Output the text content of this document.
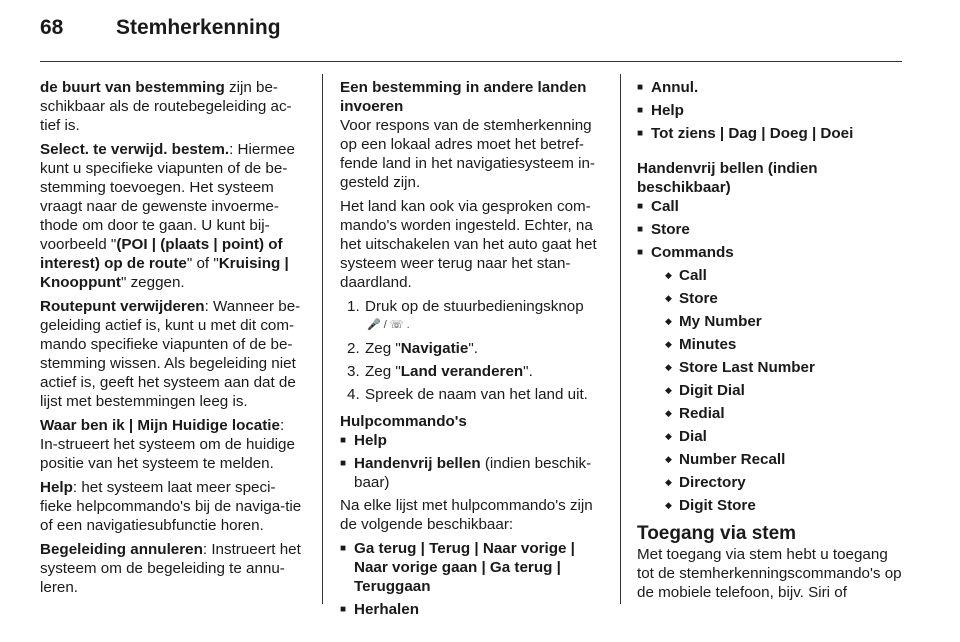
68	Stemherkenning

de buurt van bestemming zijn be-schikbaar als de routebegeleiding ac-tief is.

Select. te verwijd. bestem.: Hiermee kunt u specifieke viapunten of de be-stemming toevoegen. Het systeem vraagt naar de gewenste invoerme-thode om door te gaan. U kunt bij-voorbeeld "(POI | (plaats | point) of interest) op de route" of "Kruising | Knooppunt" zeggen.

Routepunt verwijderen: Wanneer be-geleiding actief is, kunt u met dit com-mando specifieke viapunten of de be-stemming wissen. Als begeleiding niet actief is, geeft het systeem aan dat de lijst met bestemmingen leeg is.

Waar ben ik | Mijn Huidige locatie: In-strueert het systeem om de huidige positie van het systeem te melden.

Help: het systeem laat meer speci-fieke helpcommando's bij de naviga-tie of een navigatiesubfunctie horen.

Begeleiding annuleren: Instrueert het systeem om de begeleiding te annu-leren.

Een bestemming in andere landen invoeren

Voor respons van de stemherkenning op een lokaal adres moet het betref-fende land in het navigatiesysteem in-gesteld zijn.

Het land kan ook via gesproken com-mando's worden ingesteld. Echter, na het uitschakelen van het auto gaat het systeem weer terug naar het stan-daardland.

1. Druk op de stuurbedieningsknop
🎤 / ☏ .
2. Zeg "Navigatie".
3. Zeg "Land veranderen".
4. Spreek de naam van het land uit.
Hulpcommando's
■ Help
■ Handenvrij bellen (indien beschik-baar)

Na elke lijst met hulpcommando's zijn de volgende beschikbaar:

■ Ga terug | Terug | Naar vorige | Naar vorige gaan | Ga terug | Teruggaan
■ Herhalen
■ Annul.
■ Help
■ Tot ziens | Dag | Doeg | Doei
Handenvrij bellen (indien beschikbaar)
■ Call
■ Store
■ Commands
◆ Call
◆ Store
◆ My Number
◆ Minutes
◆ Store Last Number
◆ Digit Dial
◆ Redial
◆ Dial
◆ Number Recall
◆ Directory
◆ Digit Store
Toegang via stem

Met toegang via stem hebt u toegang tot de stemherkenningscommando's op de mobiele telefoon, bijv. Siri of
